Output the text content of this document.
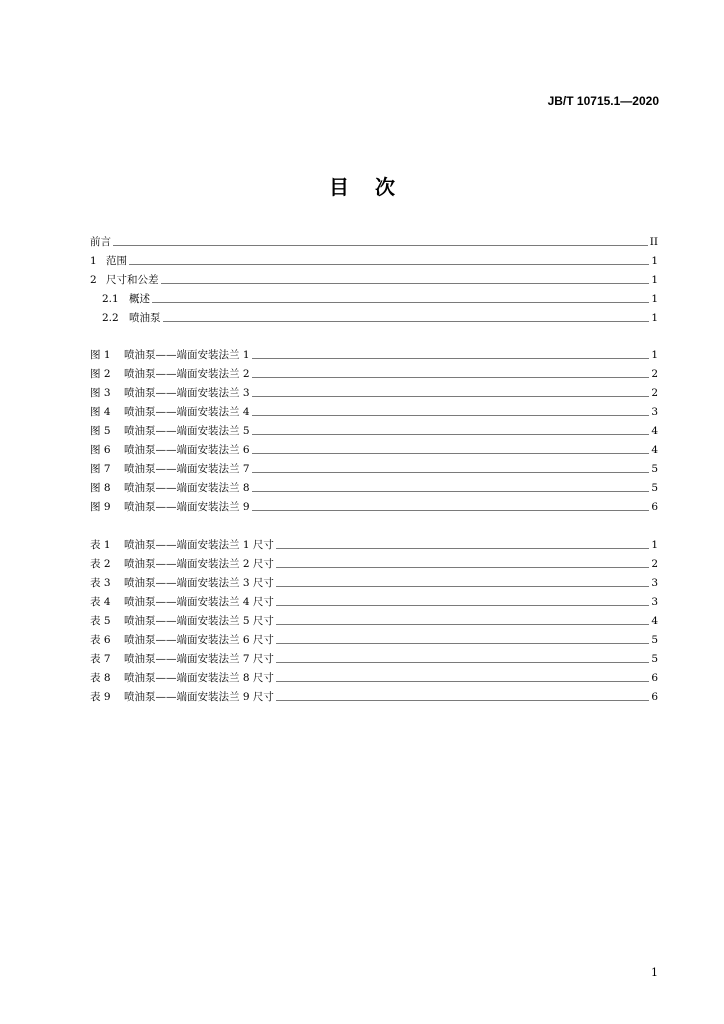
JB/T 10715.1—2020
目次
前言	II
1 范围	1
2 尺寸和公差	1
2.1 概述	1
2.2 喷油泵	1
图 1	喷油泵——端面安装法兰 1	1
图 2	喷油泵——端面安装法兰 2	2
图 3	喷油泵——端面安装法兰 3	2
图 4	喷油泵——端面安装法兰 4	3
图 5	喷油泵——端面安装法兰 5	4
图 6	喷油泵——端面安装法兰 6	4
图 7	喷油泵——端面安装法兰 7	5
图 8	喷油泵——端面安装法兰 8	5
图 9	喷油泵——端面安装法兰 9	6
表 1	喷油泵——端面安装法兰 1 尺寸	1
表 2	喷油泵——端面安装法兰 2 尺寸	2
表 3	喷油泵——端面安装法兰 3 尺寸	3
表 4	喷油泵——端面安装法兰 4 尺寸	3
表 5	喷油泵——端面安装法兰 5 尺寸	4
表 6	喷油泵——端面安装法兰 6 尺寸	5
表 7	喷油泵——端面安装法兰 7 尺寸	5
表 8	喷油泵——端面安装法兰 8 尺寸	6
表 9	喷油泵——端面安装法兰 9 尺寸	6
1
